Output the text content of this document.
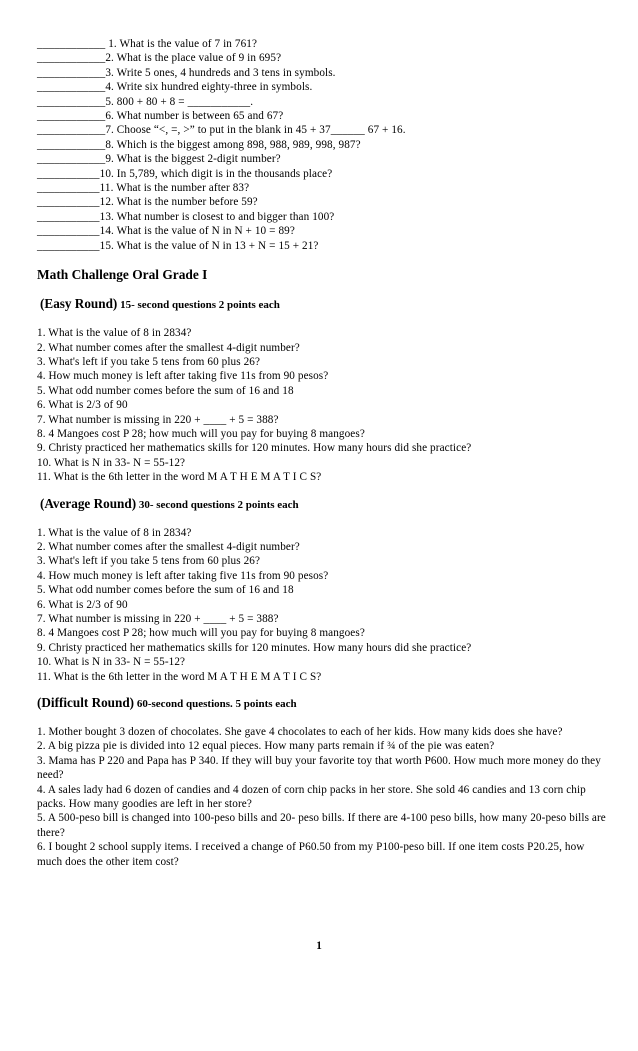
____________ 1. What is the value of 7 in 761?
____________2. What is the place value of 9 in 695?
____________3. Write 5 ones, 4 hundreds and 3 tens in symbols.
____________4. Write six hundred eighty-three in symbols.
____________5. 800 + 80 + 8 = ___________.
____________6. What number is between 65 and 67?
____________7. Choose “<, =, >” to put in the blank in 45 + 37______ 67 + 16.
____________8. Which is the biggest among 898, 988, 989, 998, 987?
____________9. What is the biggest 2-digit number?
___________10. In 5,789, which digit is in the thousands place?
___________11. What is the number after 83?
___________12. What is the number before 59?
___________13. What number is closest to and bigger than 100?
___________14. What is the value of N in N + 10 = 89?
___________15. What is the value of N in 13 + N = 15 + 21?
Math Challenge Oral Grade I
(Easy Round) 15- second questions 2 points each
1. What is the value of 8 in 2834?
2. What number comes after the smallest 4-digit number?
3. What's left if you take 5 tens from 60 plus 26?
4. How much money is left after taking five 11s from 90 pesos?
5. What odd number comes before the sum of 16 and 18
6. What is 2/3 of 90
7. What number is missing in 220 + ____ + 5 = 388?
8. 4 Mangoes cost P 28; how much will you pay for buying 8 mangoes?
9. Christy practiced her mathematics skills for 120 minutes. How many hours did she practice?
10. What is N in 33- N = 55-12?
11. What is the 6th letter in the word M A T H E M A T I C S?
(Average Round) 30- second questions 2 points each
1. What is the value of 8 in 2834?
2. What number comes after the smallest 4-digit number?
3. What's left if you take 5 tens from 60 plus 26?
4. How much money is left after taking five 11s from 90 pesos?
5. What odd number comes before the sum of 16 and 18
6. What is 2/3 of 90
7. What number is missing in 220 + ____ + 5 = 388?
8. 4 Mangoes cost P 28; how much will you pay for buying 8 mangoes?
9. Christy practiced her mathematics skills for 120 minutes. How many hours did she practice?
10. What is N in 33- N = 55-12?
11. What is the 6th letter in the word M A T H E M A T I C S?
(Difficult Round) 60-second questions. 5 points each
1. Mother bought 3 dozen of chocolates. She gave 4 chocolates to each of her kids. How many kids does she have?
2. A big pizza pie is divided into 12 equal pieces. How many parts remain if ¾ of the pie was eaten?
3. Mama has P 220 and Papa has P 340. If they will buy your favorite toy that worth P600. How much more money do they need?
4. A sales lady had 6 dozen of candies and 4 dozen of corn chip packs in her store. She sold 46 candies and 13 corn chip packs. How many goodies are left in her store?
5. A 500-peso bill is changed into 100-peso bills and 20- peso bills. If there are 4-100 peso bills, how many 20-peso bills are there?
6. I bought 2 school supply items. I received a change of P60.50 from my P100-peso bill. If one item costs P20.25, how much does the other item cost?
1
